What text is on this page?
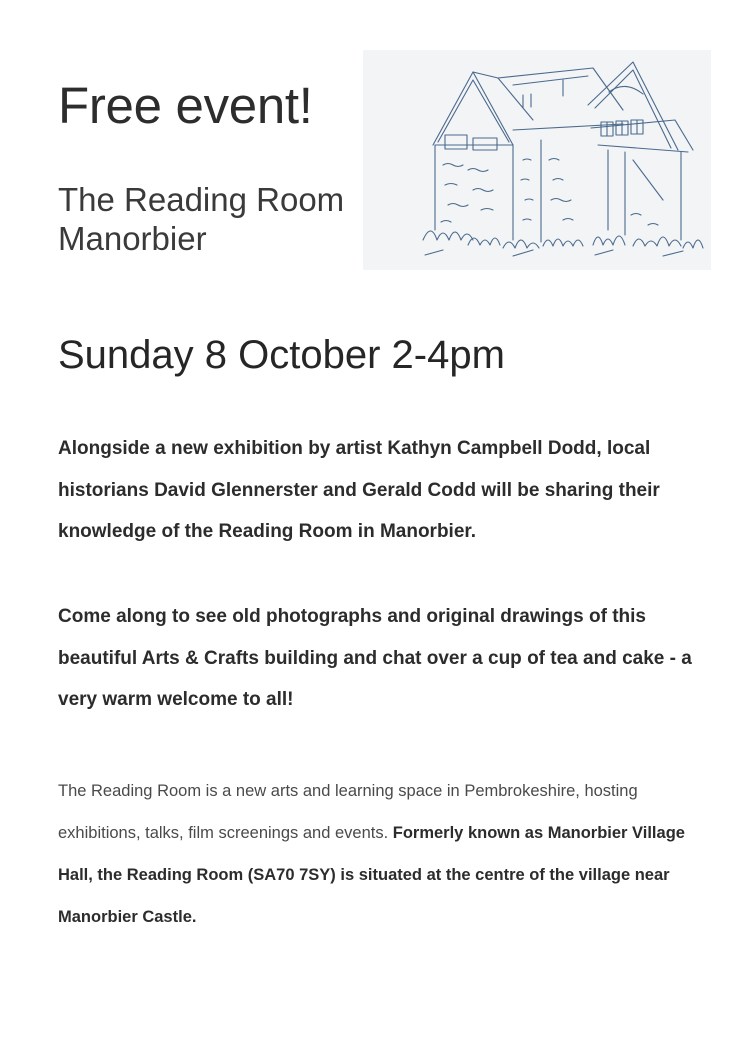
Free event!
The Reading Room
Manorbier
Sunday 8 October 2-4pm

Alongside a new exhibition by artist Kathyn Campbell Dodd, local historians David Glennerster and Gerald Codd will be sharing their knowledge of the Reading Room in Manorbier.

Come along to see old photographs and original drawings of this beautiful Arts & Crafts building and chat over a cup of tea and cake - a very warm welcome to all!

The Reading Room is a new arts and learning space in Pembrokeshire, hosting exhibitions, talks, film screenings and events. Formerly known as Manorbier Village Hall, the Reading Room (SA70 7SY) is situated at the centre of the village near Manorbier Castle.
